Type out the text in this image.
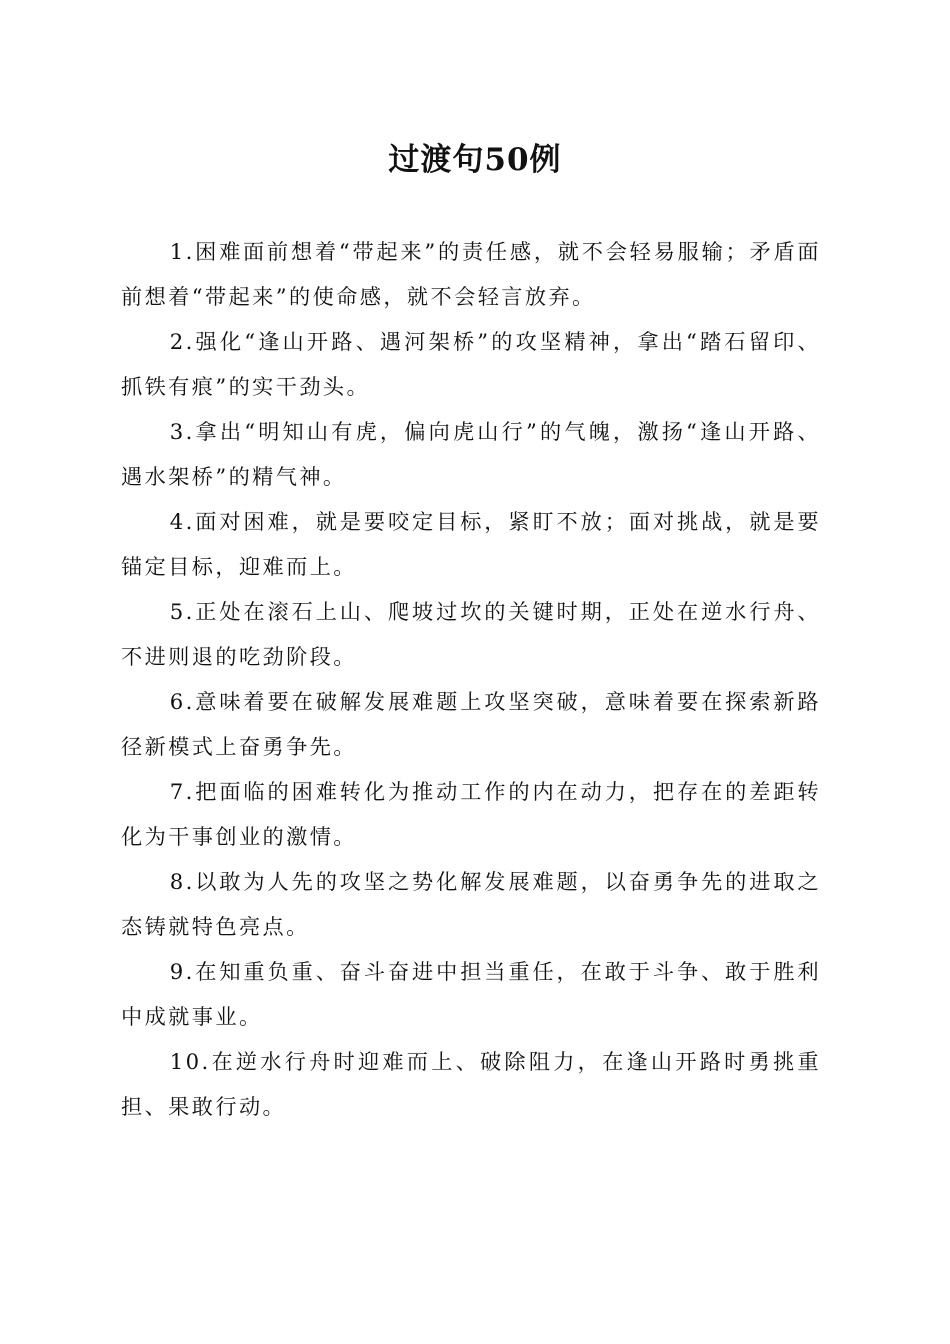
过渡句50例

1.困难面前想着“带起来”的责任感，就不会轻易服输；矛盾面前想着“带起来”的使命感，就不会轻言放弃。

2.强化“逢山开路、遇河架桥”的攻坚精神，拿出“踏石留印、抓铁有痕”的实干劲头。

3.拿出“明知山有虎，偏向虎山行”的气魄，激扬“逢山开路、遇水架桥”的精气神。

4.面对困难，就是要咬定目标，紧盯不放；面对挑战，就是要锚定目标，迎难而上。

5.正处在滚石上山、爬坡过坎的关键时期，正处在逆水行舟、不进则退的吃劲阶段。

6.意味着要在破解发展难题上攻坚突破，意味着要在探索新路径新模式上奋勇争先。

7.把面临的困难转化为推动工作的内在动力，把存在的差距转化为干事创业的激情。

8.以敢为人先的攻坚之势化解发展难题，以奋勇争先的进取之态铸就特色亮点。

9.在知重负重、奋斗奋进中担当重任，在敢于斗争、敢于胜利中成就事业。

10.在逆水行舟时迎难而上、破除阻力，在逢山开路时勇挑重担、果敢行动。
